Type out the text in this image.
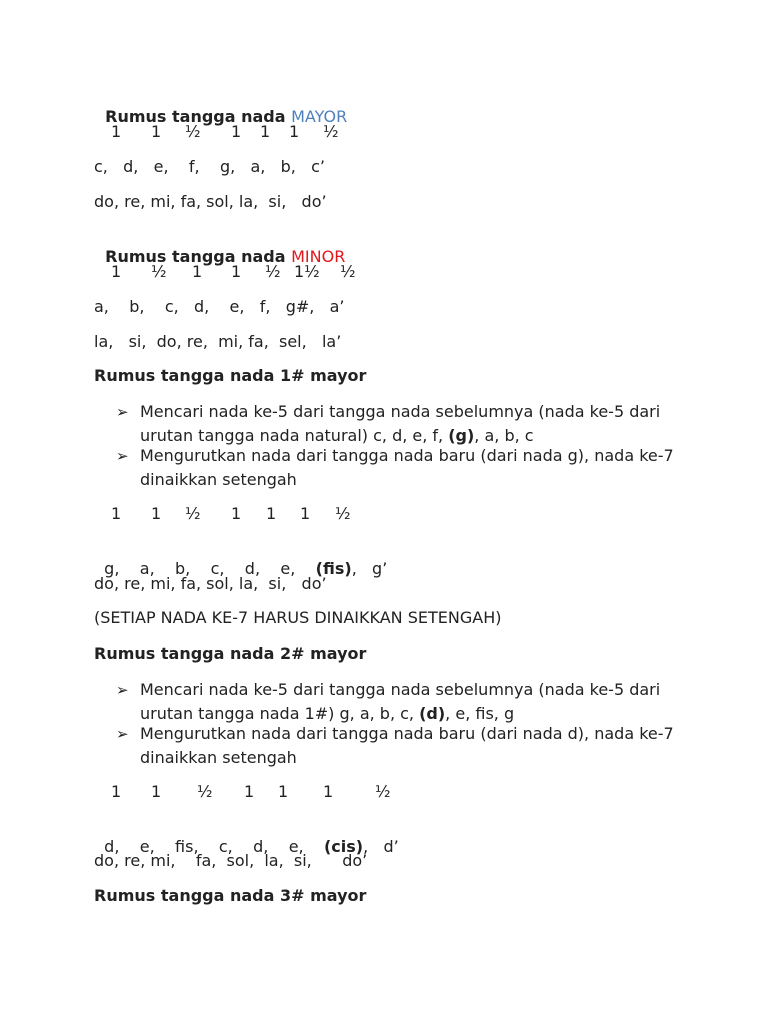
Rumus tangga nada MAYOR

1 1 ½ 1 1 1 ½
c,   d,   e,    f,    g,   a,   b,   c’
do, re, mi, fa, sol, la,  si,   do’

Rumus tangga nada MINOR

1 ½ 1 1 ½ 1½ ½
a,    b,    c,   d,    e,   f,   g#,   a’
la,   si,  do, re,  mi, fa,  sel,   la’
Rumus tangga nada 1# mayor
➢ Mencari nada ke-5 dari tangga nada sebelumnya (nada ke-5 dari urutan tangga nada natural) c, d, e, f, (g), a, b, c
➢ Mengurutkan nada dari tangga nada baru (dari nada g), nada ke-7 dinaikkan setengah
1 1 ½ 1 1 1 ½

g,    a,    b,    c,    d,    e,    (fis),   g’

do, re, mi, fa, sol, la,  si,   do’
(SETIAP NADA KE-7 HARUS DINAIKKAN SETENGAH)
Rumus tangga nada 2# mayor
➢ Mencari nada ke-5 dari tangga nada sebelumnya (nada ke-5 dari urutan tangga nada 1#) g, a, b, c, (d), e, fis, g
➢ Mengurutkan nada dari tangga nada baru (dari nada d), nada ke-7 dinaikkan setengah
1 1 ½ 1 1 1	½

d,    e,    fis,    c,    d,    e,    (cis),   d’

do, re, mi,    fa,  sol,  la,  si,      do’
Rumus tangga nada 3# mayor
